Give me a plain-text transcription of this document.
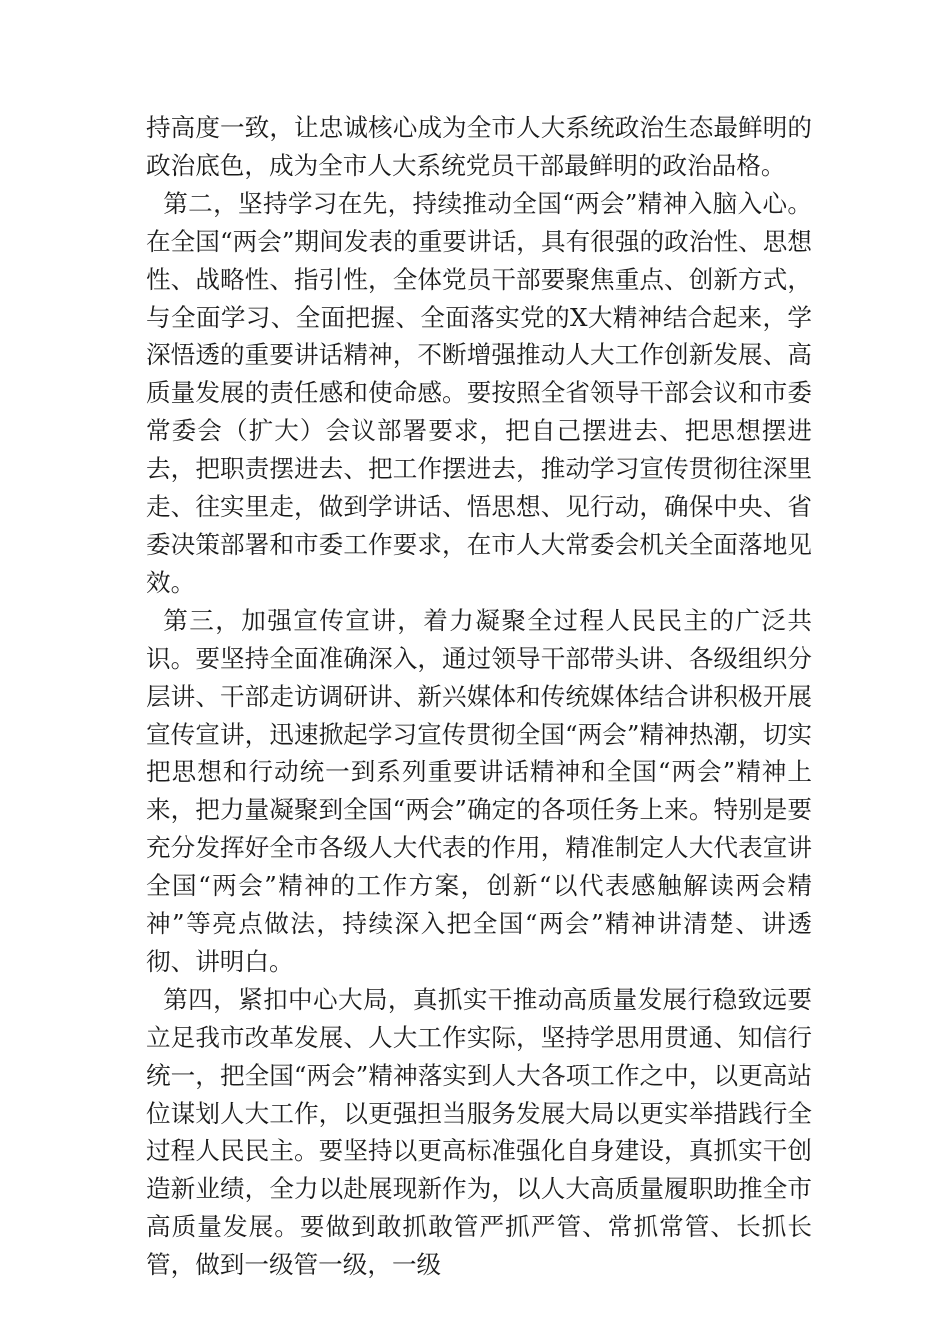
持高度一致，让忠诚核心成为全市人大系统政治生态最鲜明的政治底色，成为全市人大系统党员干部最鲜明的政治品格。

第二，坚持学习在先，持续推动全国“两会”精神入脑入心。在全国“两会”期间发表的重要讲话，具有很强的政治性、思想性、战略性、指引性，全体党员干部要聚焦重点、创新方式，与全面学习、全面把握、全面落实党的X大精神结合起来，学深悟透的重要讲话精神，不断增强推动人大工作创新发展、高质量发展的责任感和使命感。要按照全省领导干部会议和市委常委会（扩大）会议部署要求，把自己摆进去、把思想摆进去，把职责摆进去、把工作摆进去，推动学习宣传贯彻往深里走、往实里走，做到学讲话、悟思想、见行动，确保中央、省委决策部署和市委工作要求，在市人大常委会机关全面落地见效。

第三，加强宣传宣讲，着力凝聚全过程人民民主的广泛共识。要坚持全面准确深入，通过领导干部带头讲、各级组织分层讲、干部走访调研讲、新兴媒体和传统媒体结合讲积极开展宣传宣讲，迅速掀起学习宣传贯彻全国“两会”精神热潮，切实把思想和行动统一到系列重要讲话精神和全国“两会”精神上来，把力量凝聚到全国“两会”确定的各项任务上来。特别是要充分发挥好全市各级人大代表的作用，精准制定人大代表宣讲全国“两会”精神的工作方案，创新“以代表感触解读两会精神”等亮点做法，持续深入把全国“两会”精神讲清楚、讲透彻、讲明白。

第四，紧扣中心大局，真抓实干推动高质量发展行稳致远要立足我市改革发展、人大工作实际，坚持学思用贯通、知信行统一，把全国“两会”精神落实到人大各项工作之中，以更高站位谋划人大工作，以更强担当服务发展大局以更实举措践行全过程人民民主。要坚持以更高标准强化自身建设，真抓实干创造新业绩，全力以赴展现新作为，以人大高质量履职助推全市高质量发展。要做到敢抓敢管严抓严管、常抓常管、长抓长管，做到一级管一级，一级
